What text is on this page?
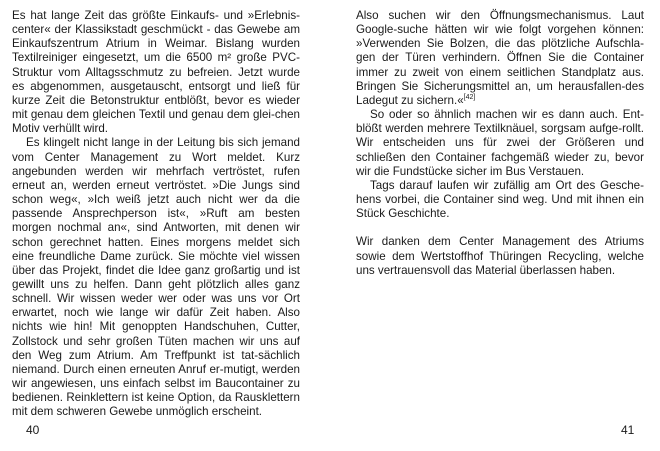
Es hat lange Zeit das größte Einkaufs- und »Erlebnis-center« der Klassikstadt geschmückt - das Gewebe am Einkaufszentrum Atrium in Weimar. Bislang wurden Textilreiniger eingesetzt, um die 6500 m² große PVC-Struktur vom Alltagsschmutz zu befreien. Jetzt wurde es abgenommen, ausgetauscht, entsorgt und ließ für kurze Zeit die Betonstruktur entblößt, bevor es wieder mit genau dem gleichen Textil und genau dem glei-chen Motiv verhüllt wird.

Es klingelt nicht lange in der Leitung bis sich jemand vom Center Management zu Wort meldet. Kurz angebunden werden wir mehrfach vertröstet, rufen erneut an, werden erneut vertröstet. »Die Jungs sind schon weg«, »Ich weiß jetzt auch nicht wer da die passende Ansprechperson ist«, »Ruft am besten morgen nochmal an«, sind Antworten, mit denen wir schon gerechnet hatten. Eines morgens meldet sich eine freundliche Dame zurück. Sie möchte viel wissen über das Projekt, findet die Idee ganz großartig und ist gewillt uns zu helfen. Dann geht plötzlich alles ganz schnell. Wir wissen weder wer oder was uns vor Ort erwartet, noch wie lange wir dafür Zeit haben. Also nichts wie hin! Mit genoppten Handschuhen, Cutter, Zollstock und sehr großen Tüten machen wir uns auf den Weg zum Atrium. Am Treffpunkt ist tat-sächlich niemand. Durch einen erneuten Anruf er-mutigt, werden wir angewiesen, uns einfach selbst im Baucontainer zu bedienen. Reinklettern ist keine Option, da Rausklettern mit dem schweren Gewebe unmöglich erscheint.

40

Also suchen wir den Öffnungsmechanismus. Laut Google-suche hätten wir wie folgt vorgehen können: »Verwenden Sie Bolzen, die das plötzliche Aufschla-gen der Türen verhindern. Öffnen Sie die Container immer zu zweit von einem seitlichen Standplatz aus. Bringen Sie Sicherungsmittel an, um herausfallen-des Ladegut zu sichern.«[42]

So oder so ähnlich machen wir es dann auch. Ent-blößt werden mehrere Textilknäuel, sorgsam aufge-rollt. Wir entscheiden uns für zwei der Größeren und schließen den Container fachgemäß wieder zu, bevor wir die Fundstücke sicher im Bus Verstauen.

Tags darauf laufen wir zufällig am Ort des Gesche-hens vorbei, die Container sind weg. Und mit ihnen ein Stück Geschichte.

Wir danken dem Center Management des Atriums sowie dem Wertstoffhof Thüringen Recycling, welche uns vertrauensvoll das Material überlassen haben.

41
